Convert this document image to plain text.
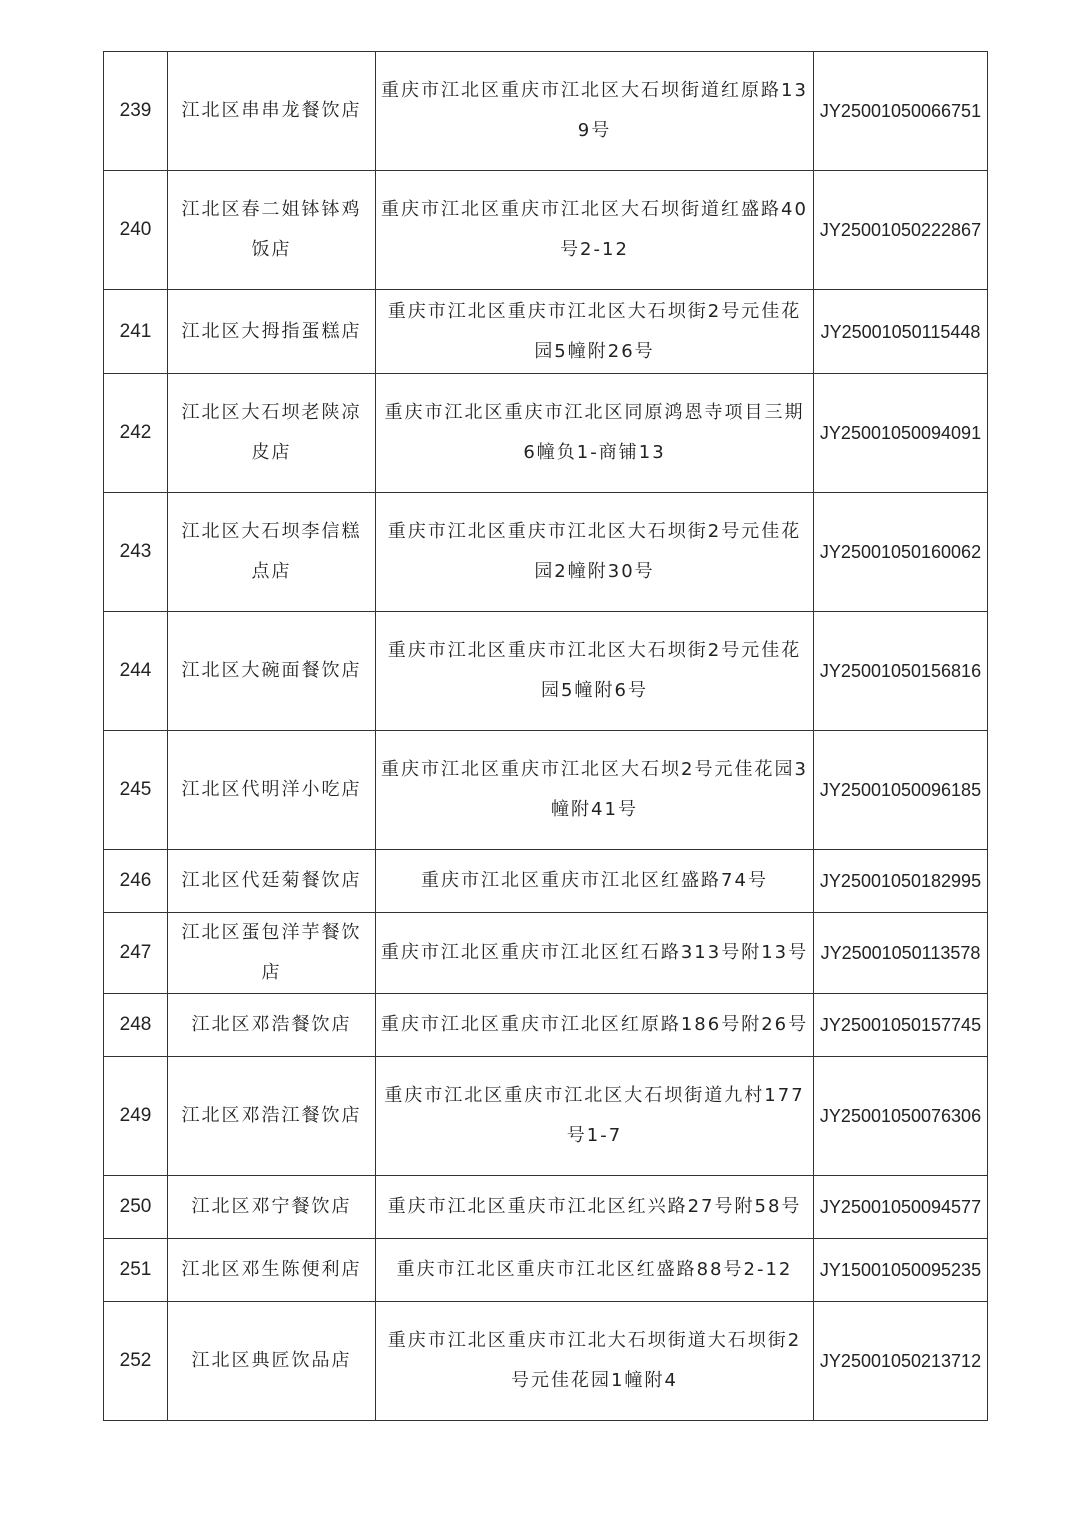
239	江北区串串龙餐饮店	重庆市江北区重庆市江北区大石坝街道红原路139号	JY25001050066751
240	江北区春二姐钵钵鸡饭店	重庆市江北区重庆市江北区大石坝街道红盛路40号2-12	JY25001050222867
241	江北区大拇指蛋糕店	重庆市江北区重庆市江北区大石坝街2号元佳花园5幢附26号	JY25001050115448
242	江北区大石坝老陕凉皮店	重庆市江北区重庆市江北区同原鸿恩寺项目三期6幢负1-商铺13	JY25001050094091
243	江北区大石坝李信糕点店	重庆市江北区重庆市江北区大石坝街2号元佳花园2幢附30号	JY25001050160062
244	江北区大碗面餐饮店	重庆市江北区重庆市江北区大石坝街2号元佳花园5幢附6号	JY25001050156816
245	江北区代明洋小吃店	重庆市江北区重庆市江北区大石坝2号元佳花园3幢附41号	JY25001050096185
246	江北区代廷菊餐饮店	重庆市江北区重庆市江北区红盛路74号	JY25001050182995
247	江北区蛋包洋芋餐饮店	重庆市江北区重庆市江北区红石路313号附13号	JY25001050113578
248	江北区邓浩餐饮店	重庆市江北区重庆市江北区红原路186号附26号	JY25001050157745
249	江北区邓浩江餐饮店	重庆市江北区重庆市江北区大石坝街道九村177号1-7	JY25001050076306
250	江北区邓宁餐饮店	重庆市江北区重庆市江北区红兴路27号附58号	JY25001050094577
251	江北区邓生陈便利店	重庆市江北区重庆市江北区红盛路88号2-12	JY15001050095235
252	江北区典匠饮品店	重庆市江北区重庆市江北大石坝街道大石坝街2号元佳花园1幢附4	JY25001050213712
